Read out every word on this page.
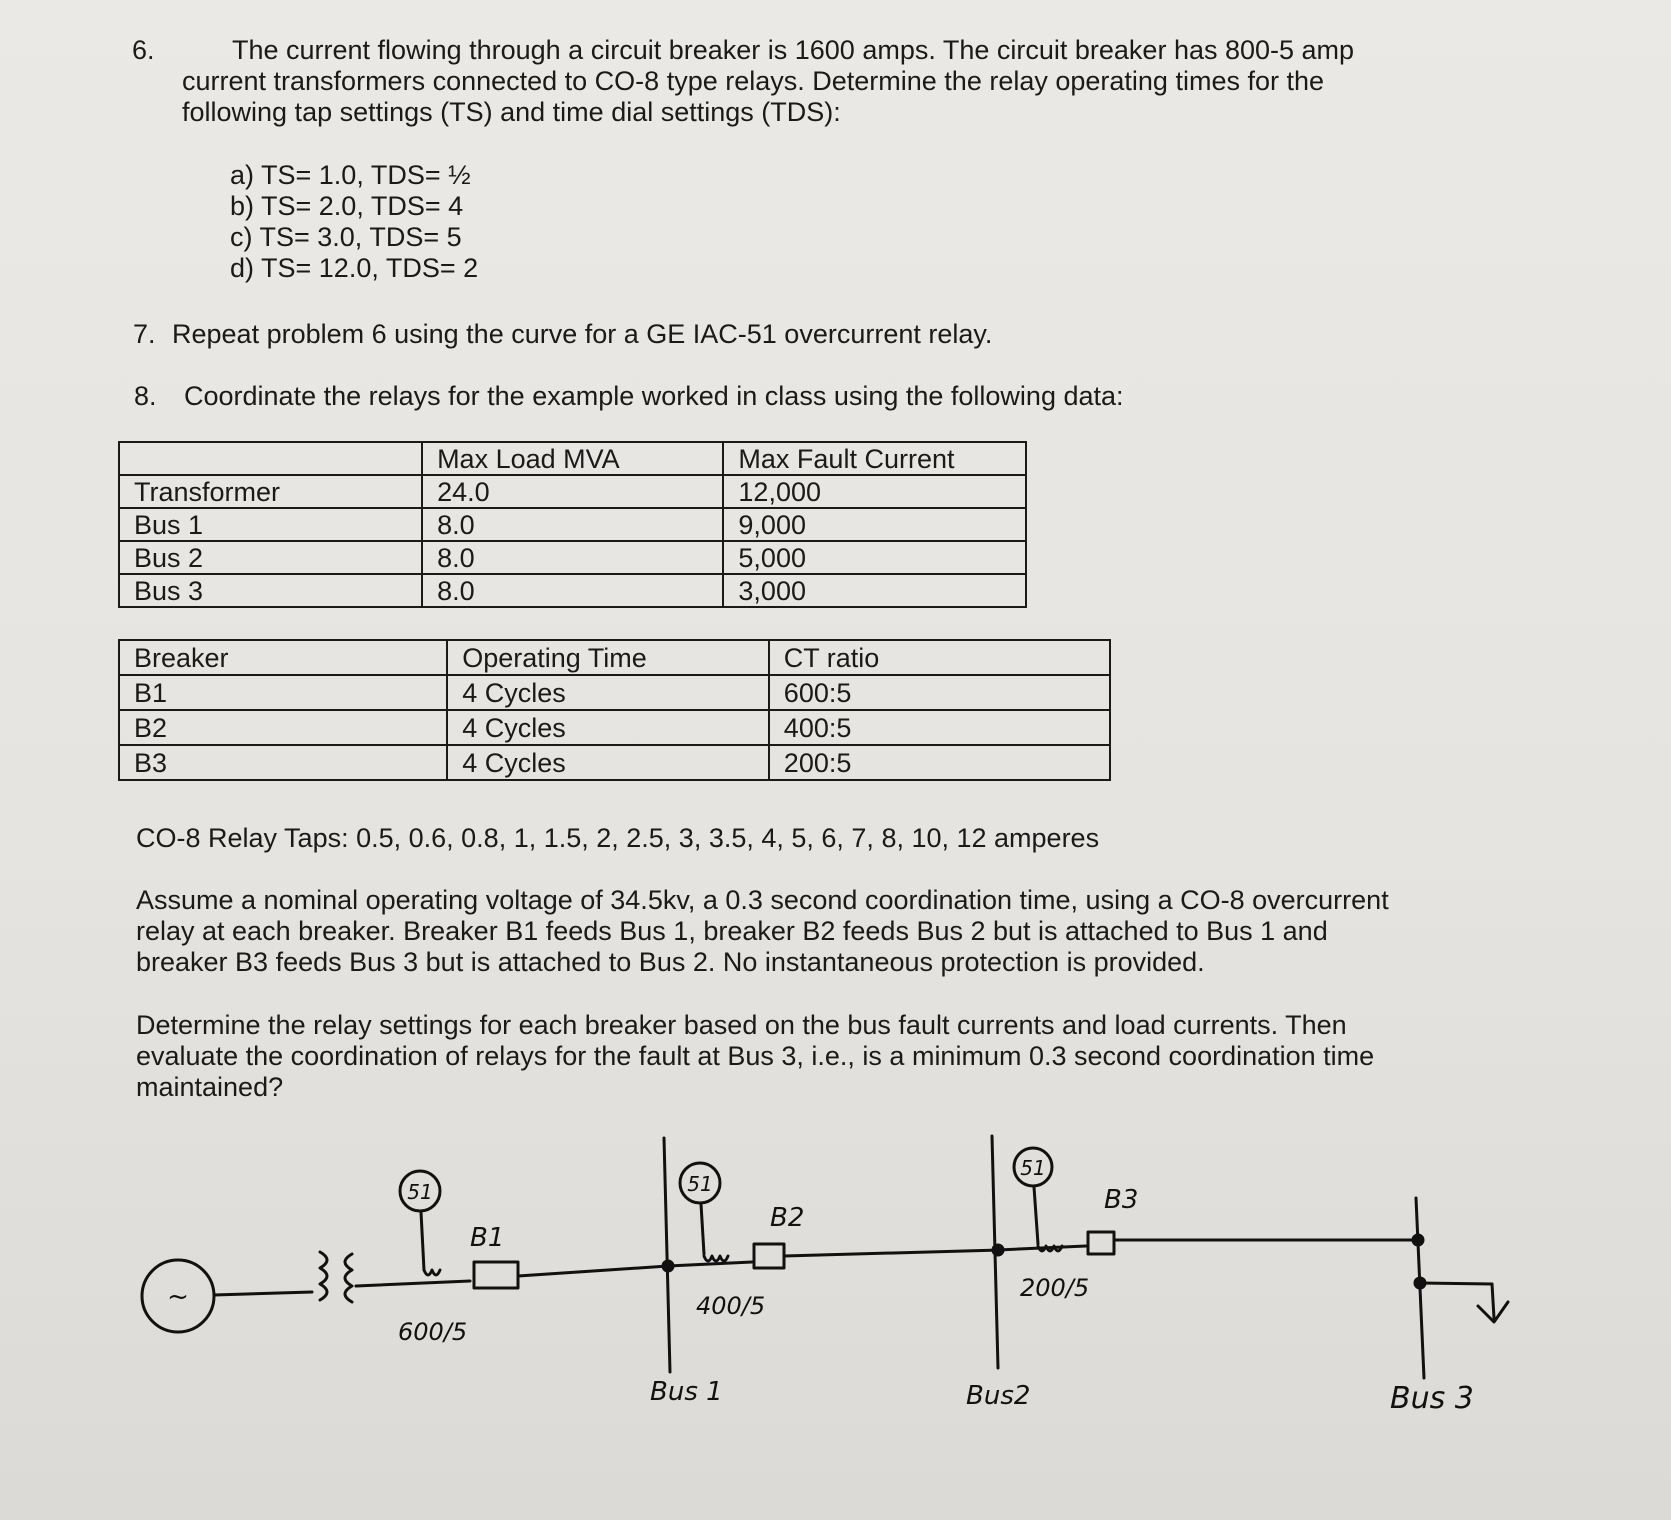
6.	The current flowing through a circuit breaker is 1600 amps. The circuit breaker has 800-5 amp
current transformers connected to CO-8 type relays. Determine the relay operating times for the
following tap settings (TS) and time dial settings (TDS):
a) TS= 1.0, TDS= ½
b) TS= 2.0, TDS= 4
c) TS= 3.0, TDS= 5
d) TS= 12.0, TDS= 2
7. Repeat problem 6 using the curve for a GE IAC-51 overcurrent relay.
8. Coordinate the relays for the example worked in class using the following data:
	Max Load MVA	Max Fault Current
Transformer	24.0	12,000
Bus 1	8.0	9,000
Bus 2	8.0	5,000
Bus 3	8.0	3,000
Breaker	Operating Time	CT ratio
B1	4 Cycles	600:5
B2	4 Cycles	400:5
B3	4 Cycles	200:5
CO-8 Relay Taps: 0.5, 0.6, 0.8, 1, 1.5, 2, 2.5, 3, 3.5, 4, 5, 6, 7, 8, 10, 12 amperes
Assume a nominal operating voltage of 34.5kv, a 0.3 second coordination time, using a CO-8 overcurrent
relay at each breaker. Breaker B1 feeds Bus 1, breaker B2 feeds Bus 2 but is attached to Bus 1 and
breaker B3 feeds Bus 3 but is attached to Bus 2. No instantaneous protection is provided.
Determine the relay settings for each breaker based on the bus fault currents and load currents. Then
evaluate the coordination of relays for the fault at Bus 3, i.e., is a minimum 0.3 second coordination time
maintained?
~
51	51
51
B1
B2
B3
600/5
400/5
200/5
Bus 1	Bus2	Bus 3
